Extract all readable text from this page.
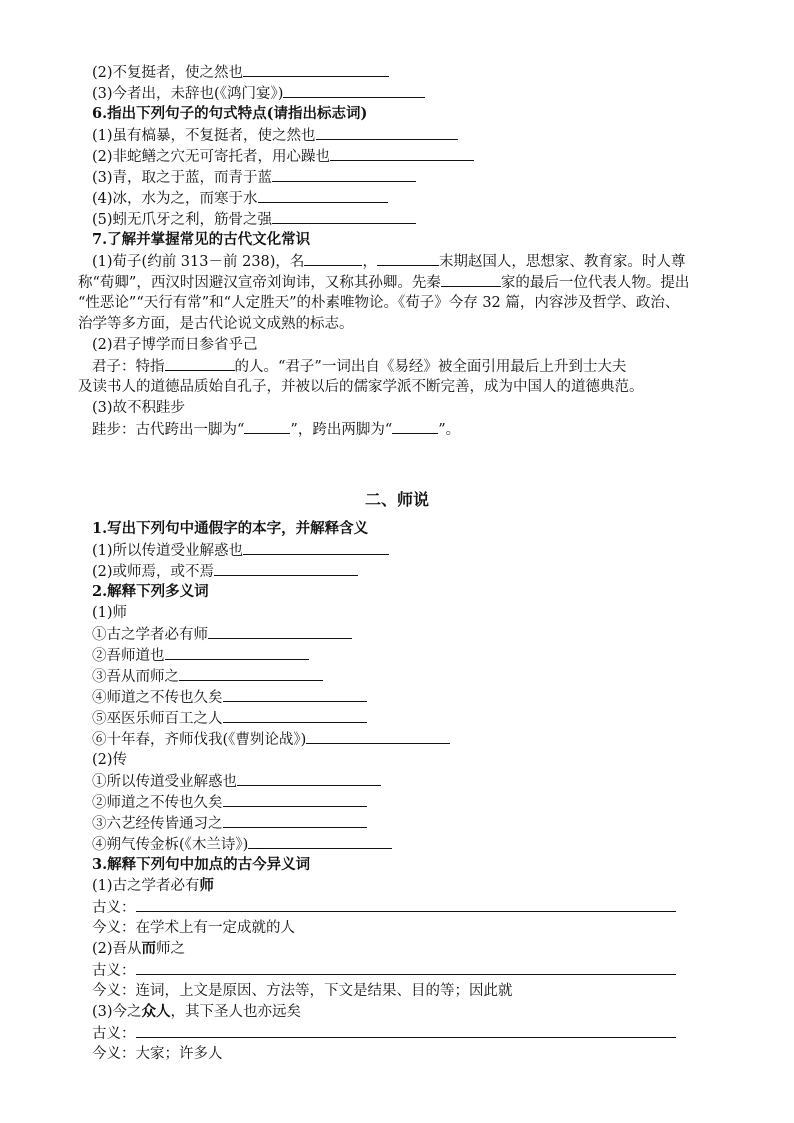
(2)不复挺者，使之然也
(3)今者出，未辞也(《鸿门宴》)
6.指出下列句子的句式特点(请指出标志词)
(1)虽有槁暴，不复挺者，使之然也
(2)非蛇鳝之穴无可寄托者，用心躁也
(3)青，取之于蓝，而青于蓝
(4)冰，水为之，而寒于水
(5)蚓无爪牙之利，筋骨之强
7.了解并掌握常见的古代文化常识
(1)荀子(约前 313－前 238)，名	，	末期赵国人，思想家、教育家。时人尊
称“荀卿”，西汉时因避汉宣帝刘询讳，又称其孙卿。先秦	家的最后一位代表人物。提出
“性恶论”“天行有常”和“人定胜天”的朴素唯物论。《荀子》今存 32 篇，内容涉及哲学、政治、
治学等多方面，是古代论说文成熟的标志。
(2)君子博学而日参省乎己
君子：特指	的人。“君子”一词出自《易经》被全面引用最后上升到士大夫
及读书人的道德品质始自孔子，并被以后的儒家学派不断完善，成为中国人的道德典范。
(3)故不积跬步
跬步：古代跨出一脚为“	”，跨出两脚为“	”。
二、师说
1.写出下列句中通假字的本字，并解释含义
(1)所以传道受业解惑也
(2)或师焉，或不焉
2.解释下列多义词
(1)师
①古之学者必有师
②吾师道也
③吾从而师之
④师道之不传也久矣
⑤巫医乐师百工之人
⑥十年春，齐师伐我(《曹刿论战》)
(2)传
①所以传道受业解惑也
②师道之不传也久矣
③六艺经传皆通习之
④朔气传金柝(《木兰诗》)
3.解释下列句中加点的古今异义词
(1)古之学者必有师
古义：
今义：在学术上有一定成就的人
(2)吾从而师之
古义：
今义：连词，上文是原因、方法等，下文是结果、目的等；因此就
(3)今之众人，其下圣人也亦远矣
古义：
今义：大家；许多人
